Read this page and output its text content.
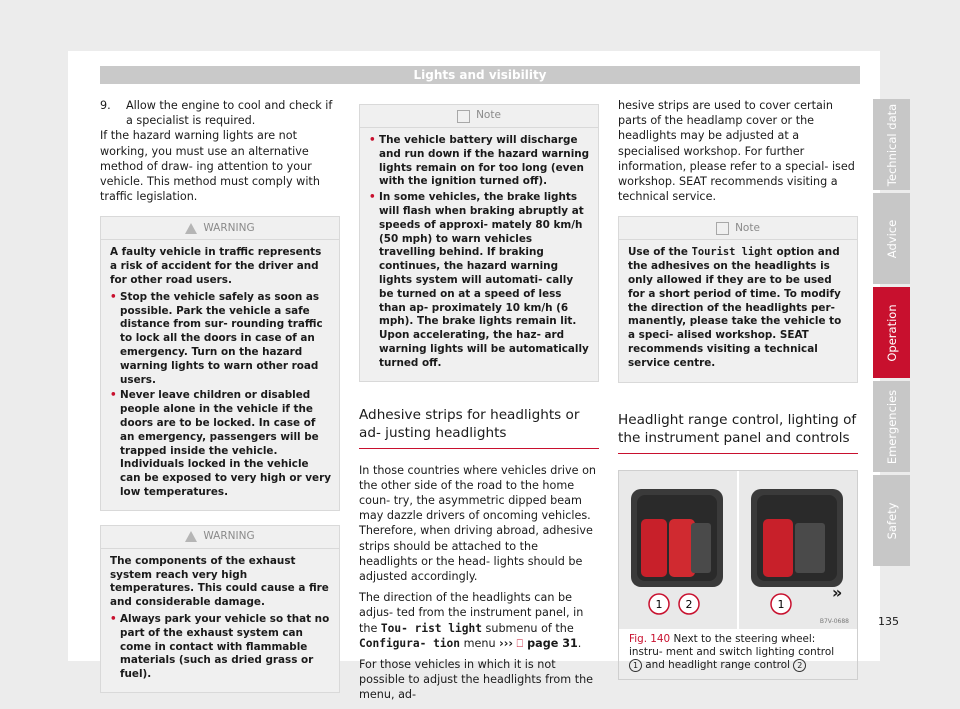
Lights and visibility
9.	Allow the engine to cool and check if a specialist is required.

If the hazard warning lights are not working, you must use an alternative method of draw- ing attention to your vehicle. This method must comply with traffic legislation.

WARNING

A faulty vehicle in traffic represents a risk of accident for the driver and for other road users.

• Stop the vehicle safely as soon as possible. Park the vehicle a safe distance from sur- rounding traffic to lock all the doors in case of an emergency. Turn on the hazard warning lights to warn other road users.
• Never leave children or disabled people alone in the vehicle if the doors are to be locked. In case of an emergency, passengers will be trapped inside the vehicle. Individuals locked in the vehicle can be exposed to very high or very low temperatures.
WARNING

The components of the exhaust system reach very high temperatures. This could cause a fire and considerable damage.

• Always park your vehicle so that no part of the exhaust system can come in contact with flammable materials (such as dried grass or fuel).
Note
• The vehicle battery will discharge and run down if the hazard warning lights remain on for too long (even with the ignition turned off).
• In some vehicles, the brake lights will flash when braking abruptly at speeds of approxi- mately 80 km/h (50 mph) to warn vehicles travelling behind. If braking continues, the hazard warning lights system will automati- cally be turned on at a speed of less than ap- proximately 10 km/h (6 mph). The brake lights remain lit. Upon accelerating, the haz- ard warning lights will be automatically turned off.
Adhesive strips for headlights or ad- justing headlights

In those countries where vehicles drive on the other side of the road to the home coun- try, the asymmetric dipped beam may dazzle drivers of oncoming vehicles. Therefore, when driving abroad, adhesive strips should be attached to the headlights or the head- lights should be adjusted accordingly.

The direction of the headlights can be adjus- ted from the instrument panel, in the Tou- rist light submenu of the Configura- tion menu ››› ⎕ page 31.

For those vehicles in which it is not possible to adjust the headlights from the menu, ad-

hesive strips are used to cover certain parts of the headlamp cover or the headlights may be adjusted at a specialised workshop. For further information, please refer to a special- ised workshop. SEAT recommends visiting a technical service.

Note

Use of the Tourist light option and the adhesives on the headlights is only allowed if they are to be used for a short period of time. To modify the direction of the headlights per- manently, please take the vehicle to a speci- alised workshop. SEAT recommends visiting a technical service centre.

Headlight range control, lighting of the instrument panel and controls
1 2	1
B7V-0688
Fig. 140 Next to the steering wheel: instru- ment and switch lighting control 1 and headlight range control 2
»
Technical data
Advice
Operation
Emergencies
Safety
135
